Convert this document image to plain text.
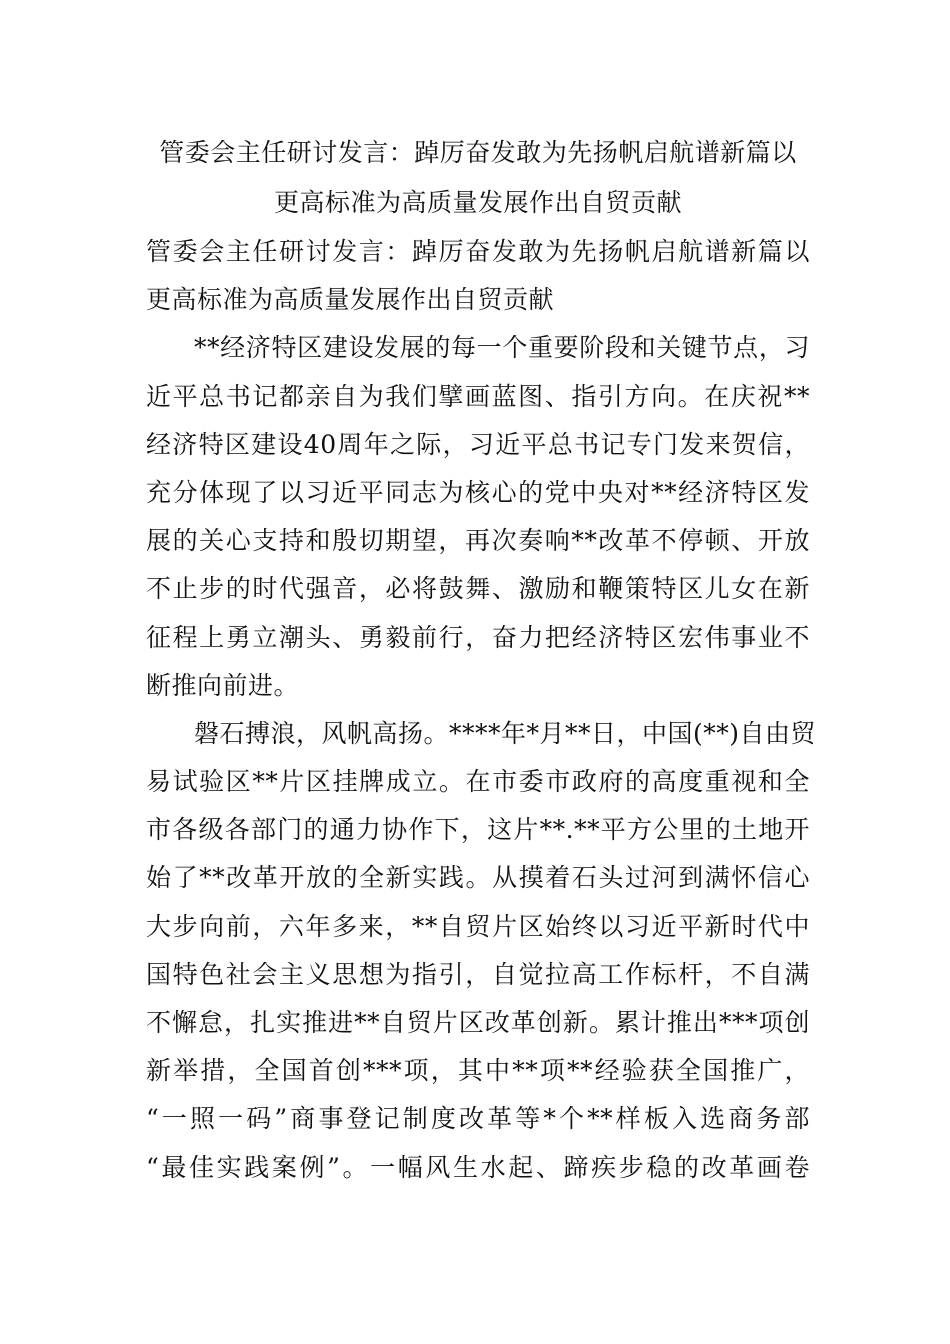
管委会主任研讨发言：踔厉奋发敢为先扬帆启航谱新篇以
更高标准为高质量发展作出自贸贡献
管委会主任研讨发言：踔厉奋发敢为先扬帆启航谱新篇以
更高标准为高质量发展作出自贸贡献
**经济特区建设发展的每一个重要阶段和关键节点，习
近平总书记都亲自为我们擘画蓝图、指引方向。在庆祝**
经济特区建设40周年之际，习近平总书记专门发来贺信，
充分体现了以习近平同志为核心的党中央对**经济特区发
展的关心支持和殷切期望，再次奏响**改革不停顿、开放
不止步的时代强音，必将鼓舞、激励和鞭策特区儿女在新
征程上勇立潮头、勇毅前行，奋力把经济特区宏伟事业不
断推向前进。
磐石搏浪，风帆高扬。****年*月**日，中国(**)自由贸
易试验区**片区挂牌成立。在市委市政府的高度重视和全
市各级各部门的通力协作下，这片**.**平方公里的土地开
始了**改革开放的全新实践。从摸着石头过河到满怀信心
大步向前，六年多来，**自贸片区始终以习近平新时代中
国特色社会主义思想为指引，自觉拉高工作标杆，不自满
不懈怠，扎实推进**自贸片区改革创新。累计推出***项创
新举措，全国首创***项，其中**项**经验获全国推广，
“一照一码”商事登记制度改革等*个**样板入选商务部
“最佳实践案例”。一幅风生水起、蹄疾步稳的改革画卷
